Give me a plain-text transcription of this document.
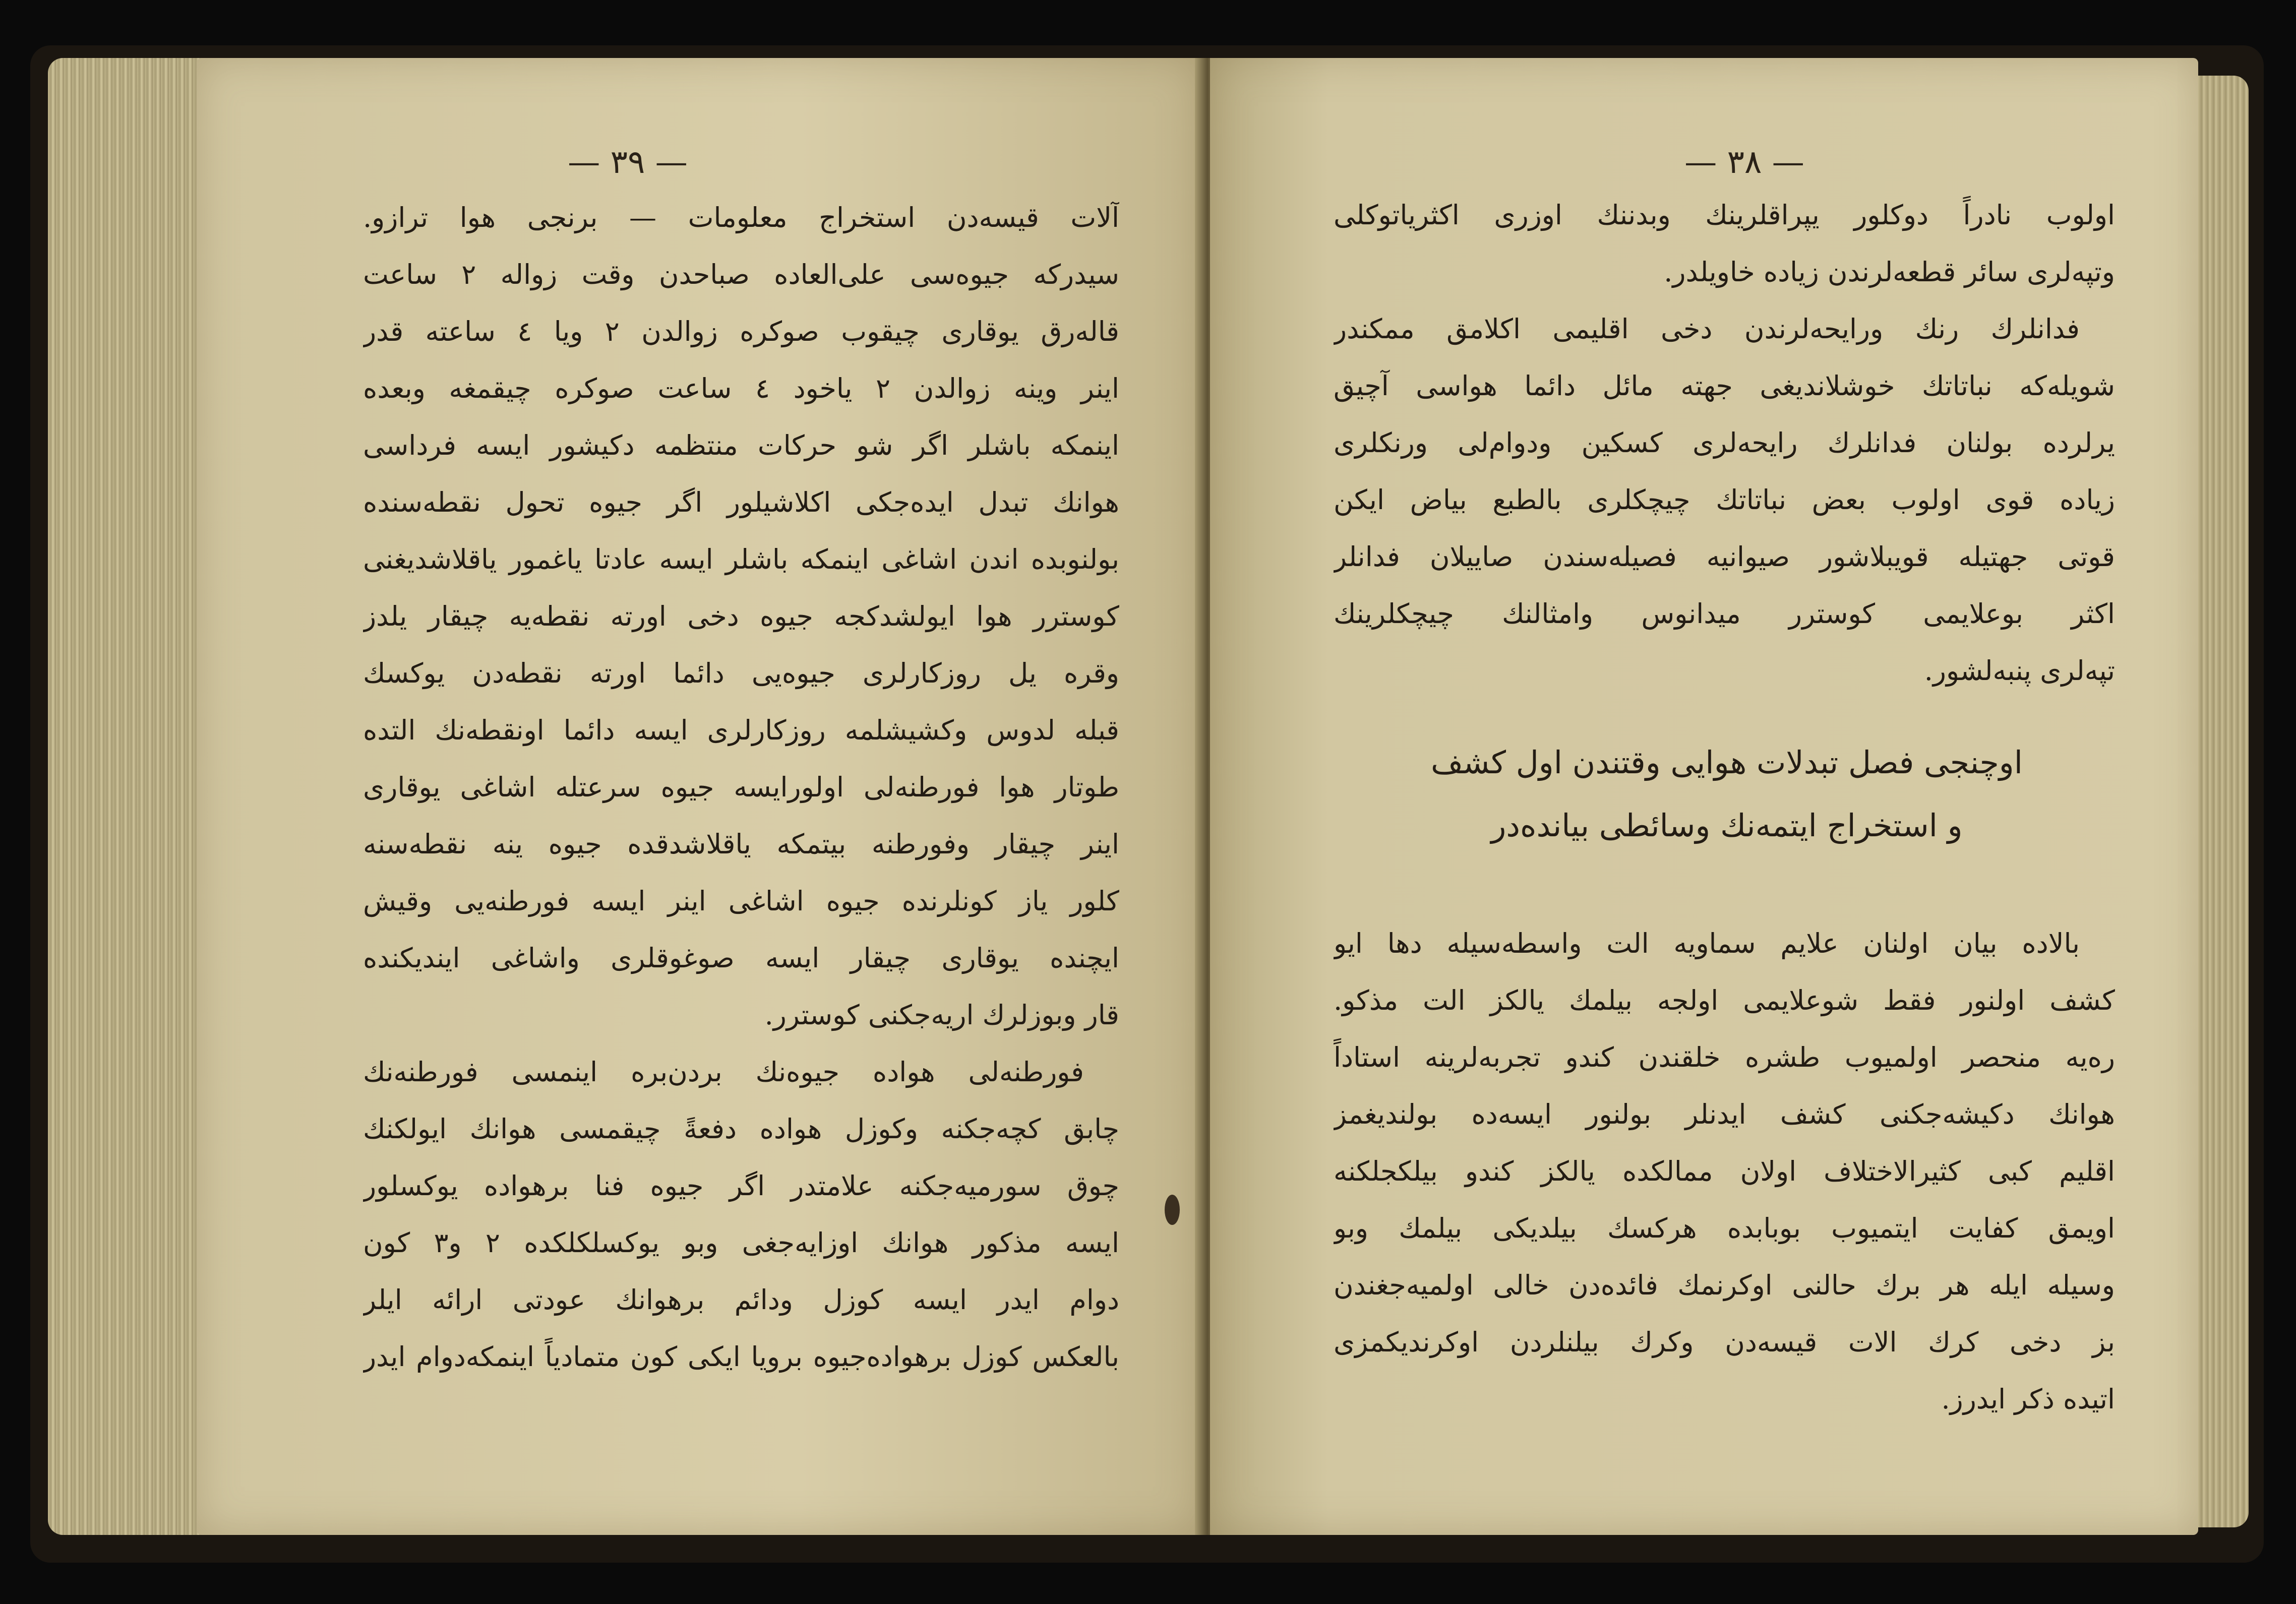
— ٣٩ —
آلات قیسه‌دن استخراج معلومات — برنجی هوا ترازو.
سیدرکه جیوه‌سی علی‌العاده صباحدن وقت زواله ٢ ساعت
قاله‌رق یوقاری چیقوب صوکره زوالدن ٢ ویا ٤ ساعته قدر
اینر وینه زوالدن ٢ یاخود ٤ ساعت صوکره چیقمغه وبعده
اینمکه باشلر اگر شو حرکات منتظمه دکیشور ایسه فرداسی
هوانك تبدل ایده‌جکی اکلاشیلور اگر جیوه تحول نقطه‌سنده
بولنوبده اندن اشاغی اینمکه باشلر ایسه عادتا یاغمور یاقلاشدیغنی
کوسترر هوا ایولشدکجه جیوه دخی اورته نقطه‌یه چیقار یلدز
وقره یل روزکارلری جیوه‌یی دائما اورته نقطه‌دن یوکسك
قبله لدوس وکشیشلمه روزکارلری ایسه دائما اونقطه‌نك التده
طوتار هوا فورطنه‌لی اولورایسه جیوه سرعتله اشاغی یوقاری
اینر چیقار وفورطنه بیتمکه یاقلاشدقده جیوه ینه نقطه‌سنه
کلور یاز کونلرنده جیوه اشاغی اینر ایسه فورطنه‌یی وقیش
ایچنده یوقاری چیقار ایسه صوغوقلری واشاغی ایندیکنده
قار وبوزلرك اریه‌جکنی کوسترر.
فورطنه‌لی هواده جیوه‌نك بردن‌بره اینمسی فورطنه‌نك
چابق کچه‌جکنه وکوزل هواده دفعةً چیقمسی هوانك ایولکنك
چوق سورمیه‌جکنه علامتدر اگر جیوه فنا برهواده یوکسلور
ایسه مذکور هوانك اوزایه‌جغی وبو یوکسلکلکده ٢ و٣ کون
دوام ایدر ایسه کوزل ودائم برهوانك عودتی ارائه ایلر
بالعکس کوزل برهواده‌جیوه برویا ایکی کون متمادیاً اینمکه‌دوام ایدر
— ٣٨ —
اولوب نادراً دوکلور یپراقلرینك وبدننك اوزری اکثریاتوکلی
وتپه‌لری سائر قطعه‌لرندن زیاده خاویلدر.
فدانلرك رنك ورایحه‌لرندن دخی اقلیمی اکلامق ممکندر
شویله‌که نباتاتك خوشلاندیغی جهته مائل دائما هواسی آچیق
یرلرده بولنان فدانلرك رایحه‌لری کسکین ودوام‌لی ورنکلری
زیاده قوی اولوب بعض نباتاتك چیچکلری بالطبع بیاض ایکن
قوتی جهتیله قویبلاشور صیوانیه فصیله‌سندن صاییلان فدانلر
اکثر بوعلایمی کوسترر میدانوس وامثالنك چیچکلرینك
تپه‌لری پنبه‌لشور.
اوچنجی فصل تبدلات هوایی وقتندن اول کشف
و استخراج ایتمه‌نك وسائطی بیانده‌در
بالاده بیان اولنان علایم سماویه الت واسطه‌سیله دها ایو
کشف اولنور فقط شوعلایمی اولجه بیلمك یالکز الت مذکو.
ره‌یه منحصر اولمیوب طشره خلقندن کندو تجربه‌لرینه استاداً
هوانك دکیشه‌جکنی کشف ایدنلر بولنور ایسه‌ده بولندیغمز
اقلیم کبی کثیرالاختلاف اولان ممالکده یالکز کندو بیلکجلکنه
اویمق کفایت ایتمیوب بوبابده هرکسك بیلدیکی بیلمك وبو
وسیله ایله هر برك حالنی اوکرنمك فائده‌دن خالی اولمیه‌جغندن
بز دخی کرك الات قیسه‌دن وکرك بیلنلردن اوکرندیکمزی
اتیده ذکر ایدرز.
